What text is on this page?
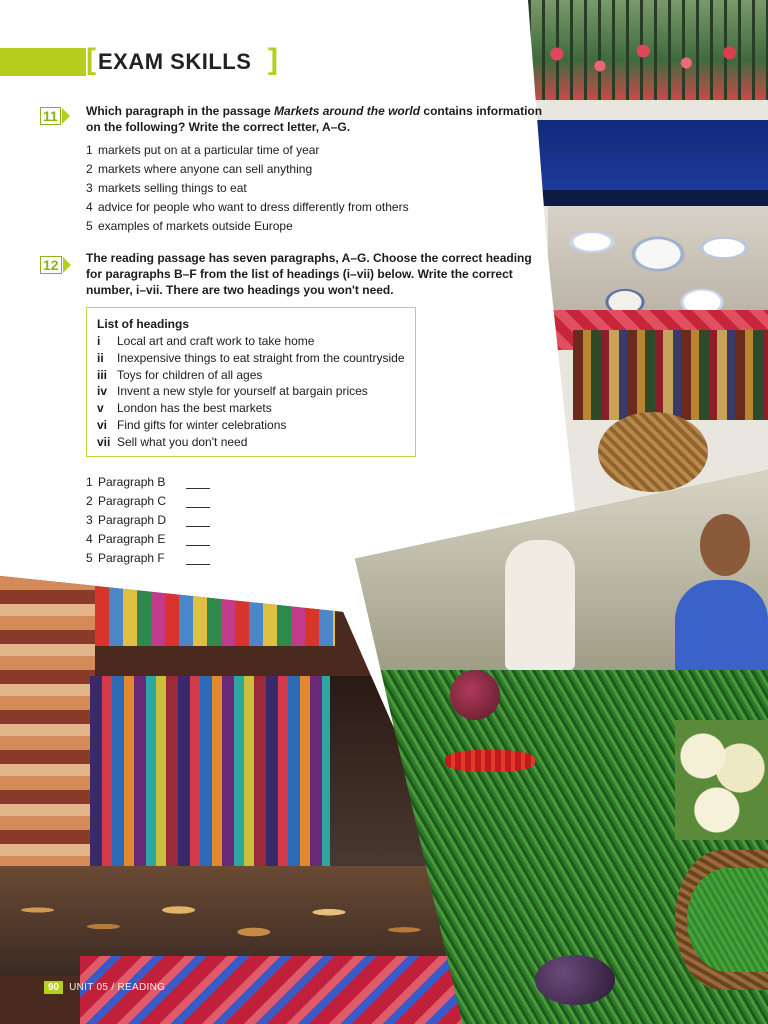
[ EXAM SKILLS ]
11 Which paragraph in the passage Markets around the world contains information on the following? Write the correct letter, A–G.

1 markets put on at a particular time of year
2 markets where anyone can sell anything
3 markets selling things to eat
4 advice for people who want to dress differently from others
5 examples of markets outside Europe
12 The reading passage has seven paragraphs, A–G. Choose the correct heading for paragraphs B–F from the list of headings (i–vii) below. Write the correct number, i–vii. There are two headings you won't need.

List of headings
i Local art and craft work to take home
ii Inexpensive things to eat straight from the countryside
iii Toys for children of all ages
iv Invent a new style for yourself at bargain prices
v London has the best markets
vi Find gifts for winter celebrations
vii Sell what you don't need
1 Paragraph B
2 Paragraph C
3 Paragraph D
4 Paragraph E
5 Paragraph F
90	UNIT 05 / READING
